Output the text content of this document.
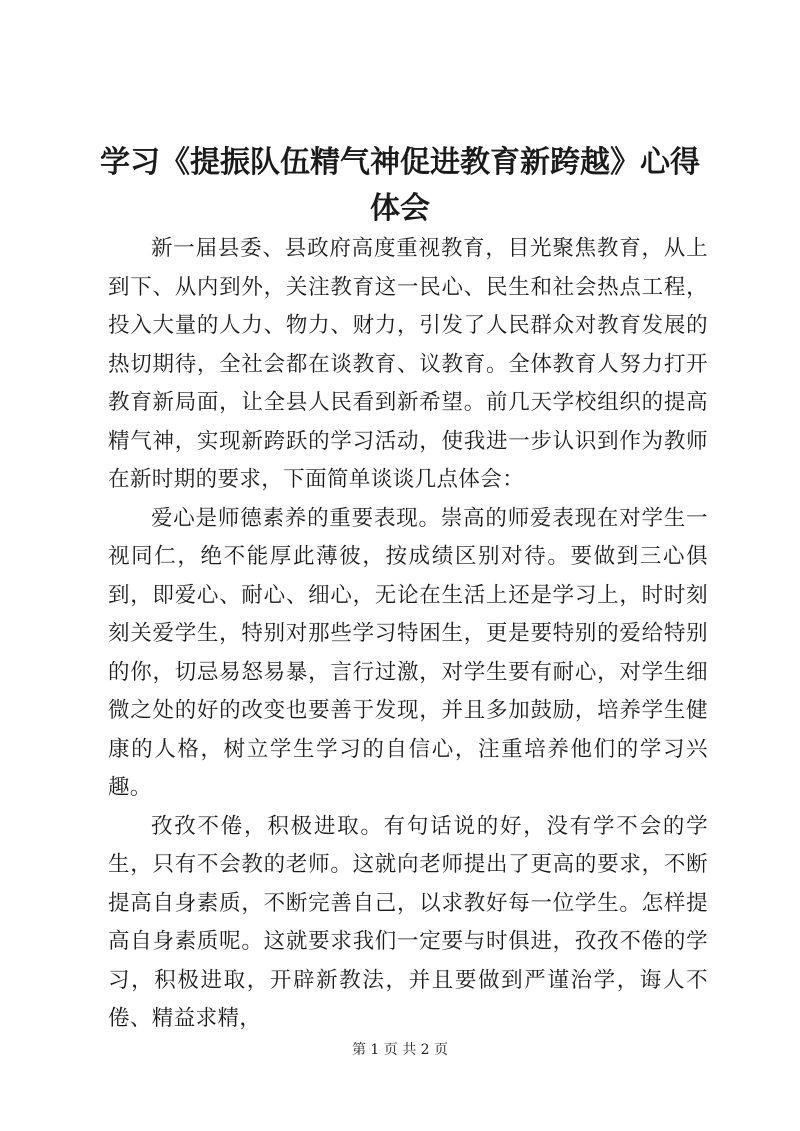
学习《提振队伍精气神促进教育新跨越》心得体会

新一届县委、县政府高度重视教育，目光聚焦教育，从上到下、从内到外，关注教育这一民心、民生和社会热点工程，投入大量的人力、物力、财力，引发了人民群众对教育发展的热切期待，全社会都在谈教育、议教育。全体教育人努力打开教育新局面，让全县人民看到新希望。前几天学校组织的提高精气神，实现新跨跃的学习活动，使我进一步认识到作为教师在新时期的要求，下面简单谈谈几点体会：

爱心是师德素养的重要表现。崇高的师爱表现在对学生一视同仁，绝不能厚此薄彼，按成绩区别对待。要做到三心俱到，即爱心、耐心、细心，无论在生活上还是学习上，时时刻刻关爱学生，特别对那些学习特困生，更是要特别的爱给特别的你，切忌易怒易暴，言行过激，对学生要有耐心，对学生细微之处的好的改变也要善于发现，并且多加鼓励，培养学生健康的人格，树立学生学习的自信心，注重培养他们的学习兴趣。

孜孜不倦，积极进取。有句话说的好，没有学不会的学生，只有不会教的老师。这就向老师提出了更高的要求，不断提高自身素质，不断完善自己，以求教好每一位学生。怎样提高自身素质呢。这就要求我们一定要与时俱进，孜孜不倦的学习，积极进取，开辟新教法，并且要做到严谨治学，诲人不倦、精益求精，

第 1 页 共 2 页
